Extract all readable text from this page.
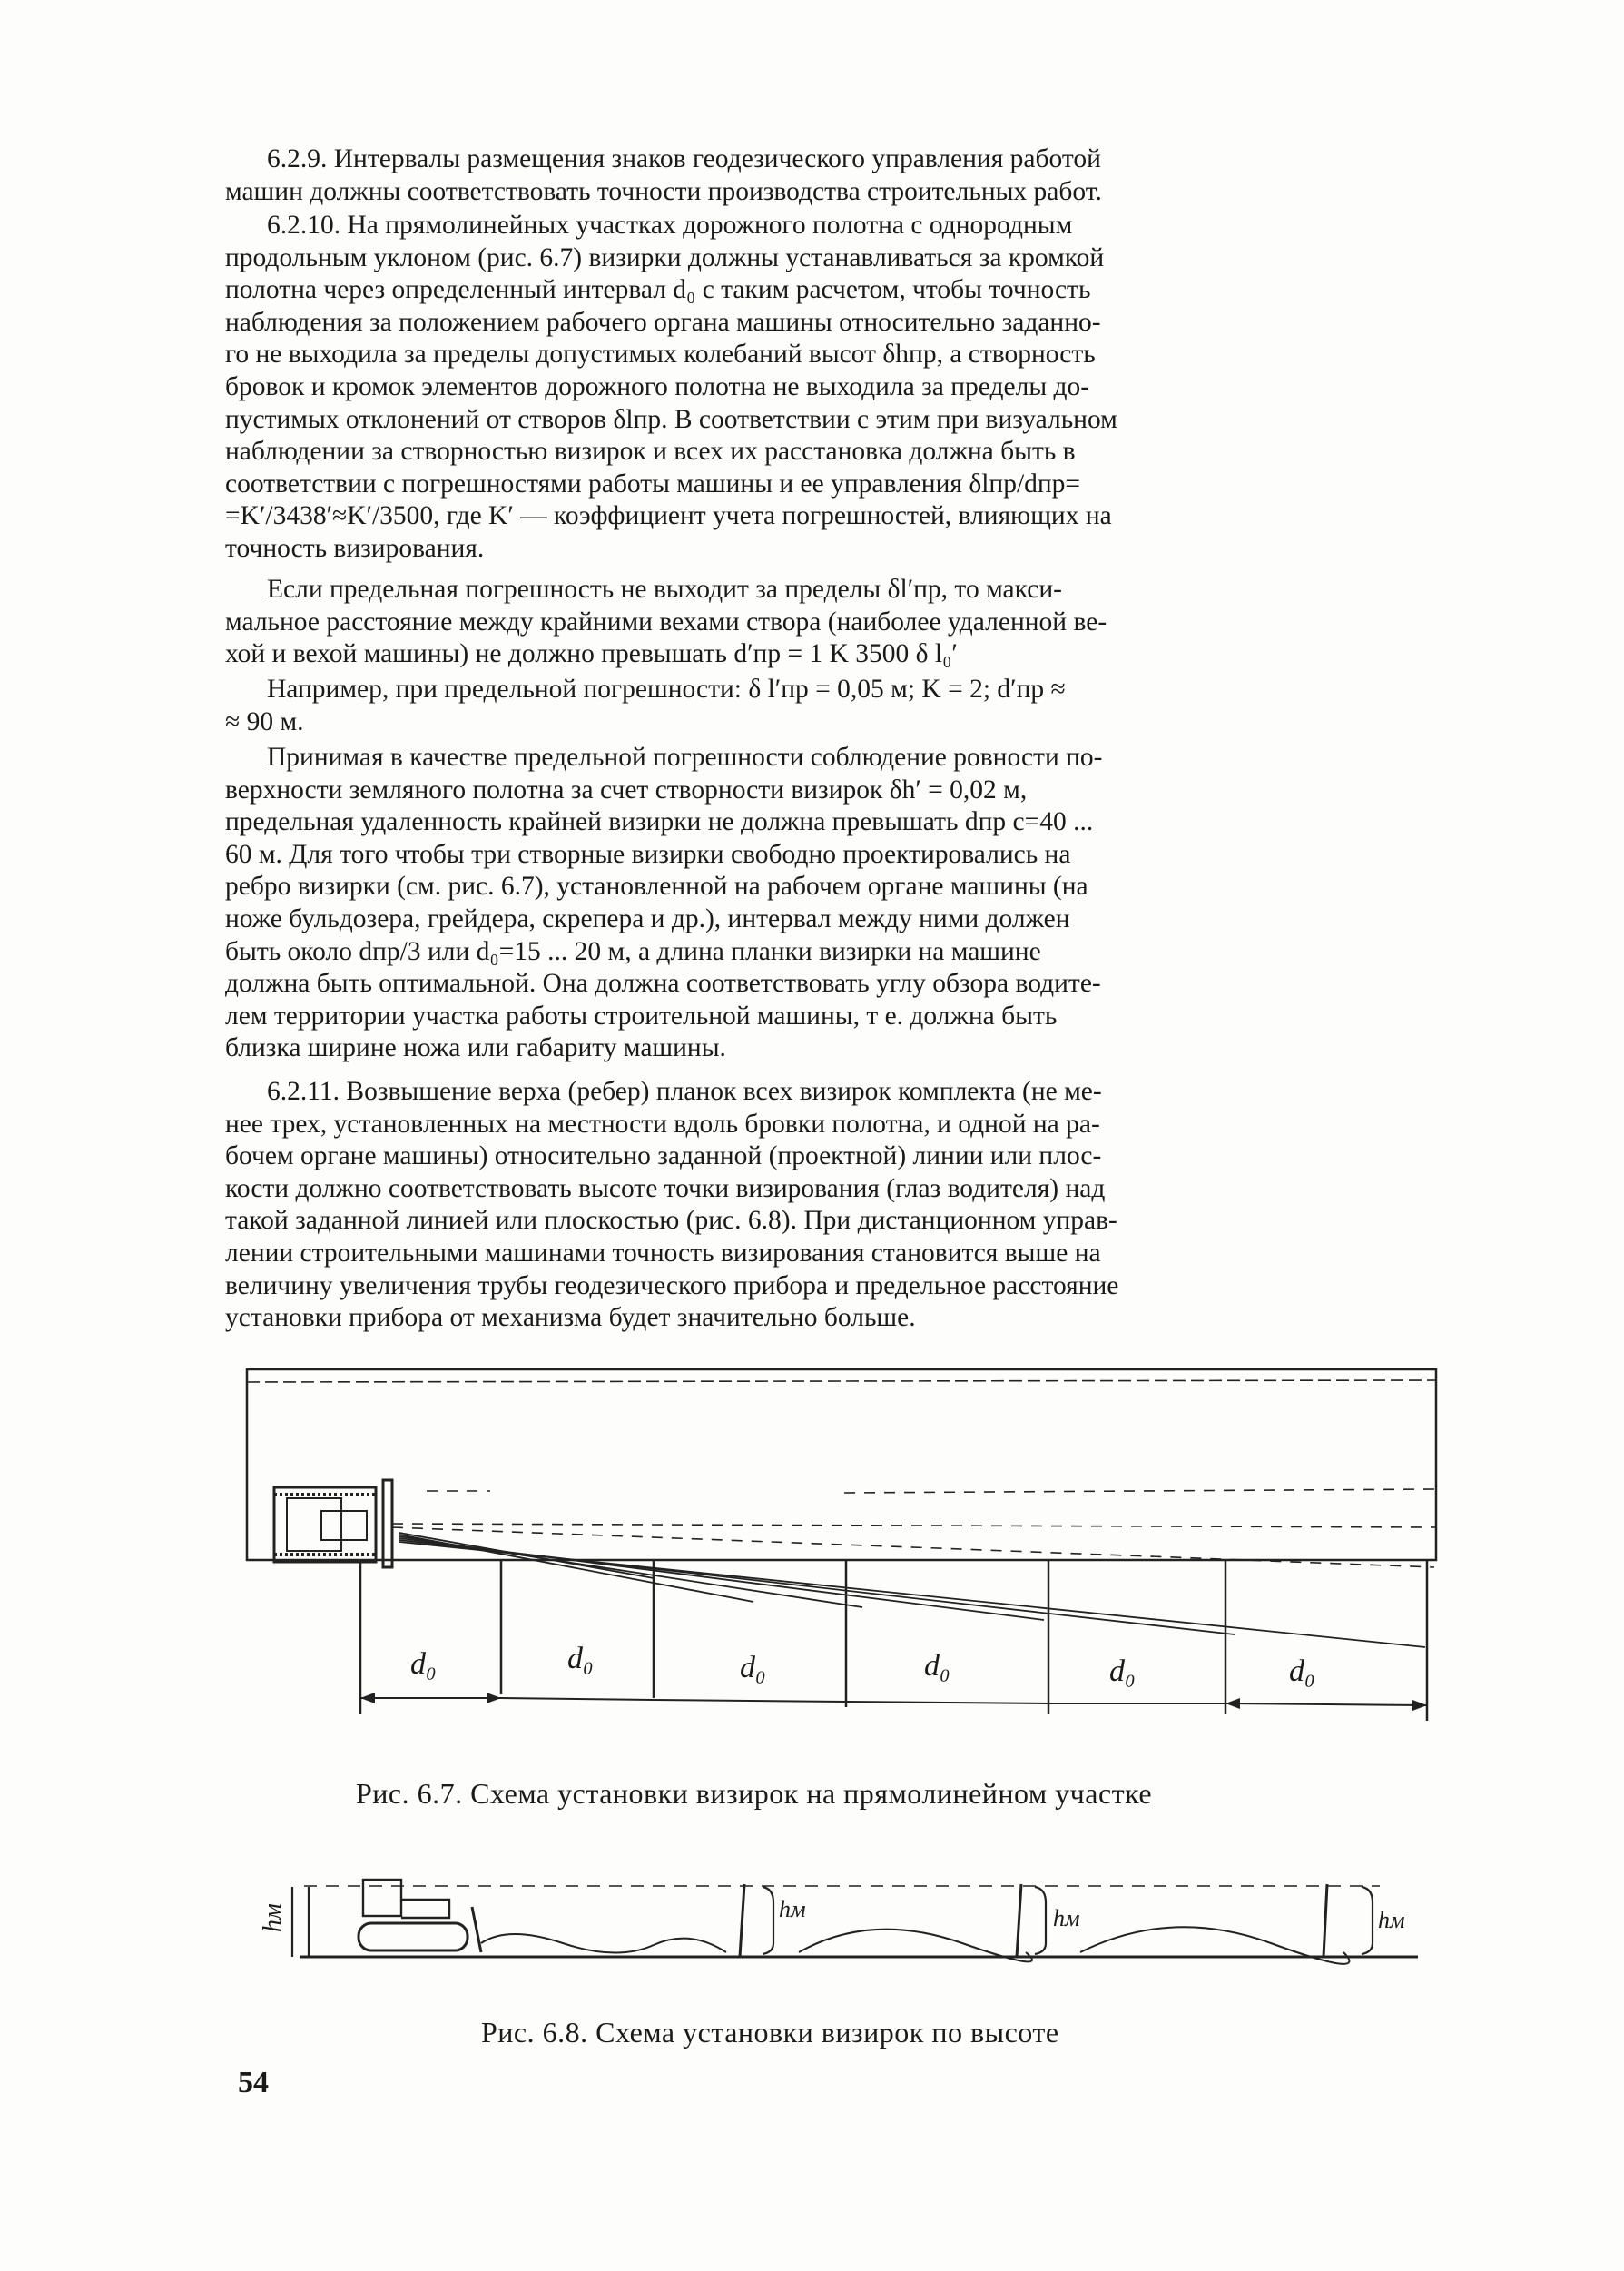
6.2.9. Интервалы размещения знаков геодезического управления работой
машин должны соответствовать точности производства строительных работ.
6.2.10. На прямолинейных участках дорожного полотна с однородным
продольным уклоном (рис. 6.7) визирки должны устанавливаться за кромкой
полотна через определенный интервал d₀ с таким расчетом, чтобы точность
наблюдения за положением рабочего органа машины относительно заданно-
го не выходила за пределы допустимых колебаний высот δhпр, а створность
бровок и кромок элементов дорожного полотна не выходила за пределы до-
пустимых отклонений от створов δlпр. В соответствии с этим при визуальном
наблюдении за створностью визирок и всех их расстановка должна быть в
соответствии с погрешностями работы машины и ее управления δlпр/dпр=
=K′/3438′≈K′/3500, где K′ — коэффициент учета погрешностей, влияющих на
точность визирования.
Если предельная погрешность не выходит за пределы δl′пр, то макси-
мальное расстояние между крайними вехами створа (наиболее удаленной ве-
хой и вехой машины) не должно превышать d′пр = 1 K 3500 δ l₀′
Например, при предельной погрешности: δ l′пр = 0,05 м; K = 2; d′пр ≈
≈ 90 м.
Принимая в качестве предельной погрешности соблюдение ровности по-
верхности земляного полотна за счет створности визирок δh′ = 0,02 м,
предельная удаленность крайней визирки не должна превышать dпр с=40 ...
60 м. Для того чтобы три створные визирки свободно проектировались на
ребро визирки (см. рис. 6.7), установленной на рабочем органе машины (на
ноже бульдозера, грейдера, скрепера и др.), интервал между ними должен
быть около dпр/3 или d₀=15 ... 20 м, а длина планки визирки на машине
должна быть оптимальной. Она должна соответствовать углу обзора водите-
лем территории участка работы строительной машины, т е. должна быть
близка ширине ножа или габариту машины.
6.2.11. Возвышение верха (ребер) планок всех визирок комплекта (не ме-
нее трех, установленных на местности вдоль бровки полотна, и одной на ра-
бочем органе машины) относительно заданной (проектной) линии или плос-
кости должно соответствовать высоте точки визирования (глаз водителя) над
такой заданной линией или плоскостью (рис. 6.8). При дистанционном управ-
лении строительными машинами точность визирования становится выше на
величину увеличения трубы геодезического прибора и предельное расстояние
установки прибора от механизма будет значительно больше.
d₀	d₀	d₀	d₀	d₀	d₀

Рис. 6.7. Схема установки визирок на прямолинейном участке

hм	hм	hм	hм

Рис. 6.8. Схема установки визирок по высоте

54
